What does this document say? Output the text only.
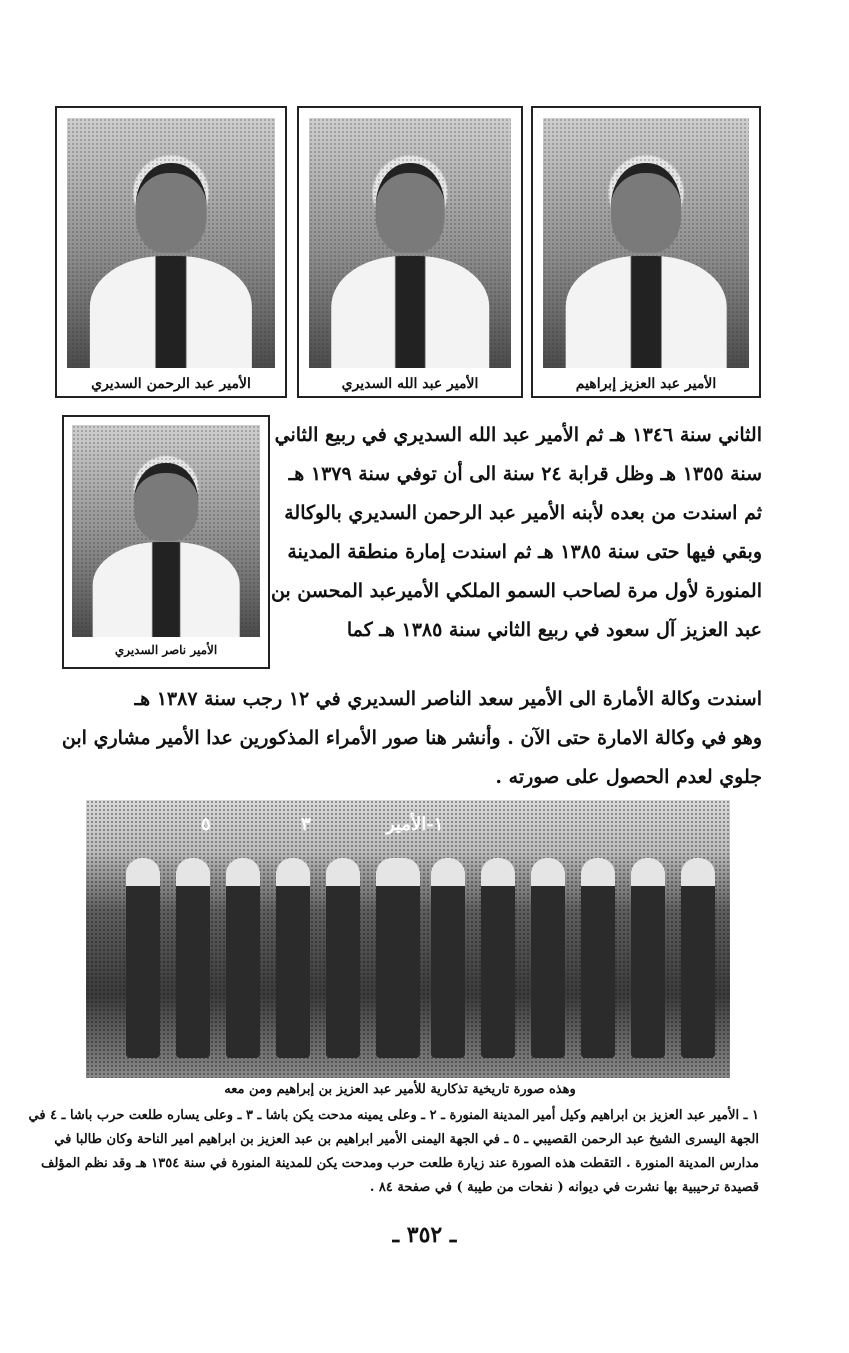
الأمير عبد الرحمن السديري	الأمير عبد الله السديري	الأمير عبد العزيز إبراهيم
الأمير ناصر السديري
الثاني سنة ١٣٤٦ هـ ثم الأمير عبد الله السديري في ربيع الثاني
سنة ١٣٥٥ هـ وظل قرابة ٢٤ سنة الى أن توفي سنة ١٣٧٩ هـ
ثم اسندت من بعده لأبنه الأمير عبد الرحمن السديري بالوكالة
وبقي فيها حتى سنة ١٣٨٥ هـ ثم اسندت إمارة منطقة المدينة
المنورة لأول مرة لصاحب السمو الملكي الأميرعبد المحسن بن
عبد العزيز آل سعود في ربيع الثاني سنة ١٣٨٥ هـ كما
اسندت وكالة الأمارة الى الأمير سعد الناصر السديري في ١٢ رجب سنة ١٣٨٧ هـ
وهو في وكالة الامارة حتى الآن . وأنشر هنا صور الأمراء المذكورين عدا الأمير مشاري ابن
جلوي لعدم الحصول على صورته .
١-الأمير
٣
٥
وهذه صورة تاريخية تذكارية للأمير عبد العزيز بن إبراهيم ومن معه
١ ـ الأمير عبد العزيز بن ابراهيم وكيل أمير المدينة المنورة ـ ٢ ـ وعلى يمينه مدحت يكن باشا ـ ٣ ـ وعلى يساره طلعت حرب باشا ـ ٤ في
الجهة اليسرى الشيخ عبد الرحمن القصيبي ـ ٥ ـ في الجهة اليمنى الأمير ابراهيم بن عبد العزيز بن ابراهيم امير الناحة وكان طالبا في
مدارس المدينة المنورة . التقطت هذه الصورة عند زيارة طلعت حرب ومدحت يكن للمدينة المنورة في سنة ١٣٥٤ هـ وقد نظم المؤلف
قصيدة ترحيبية بها نشرت في ديوانه ( نفحات من طيبة ) في صفحة ٨٤ .
ـ ٣٥٢ ـ
